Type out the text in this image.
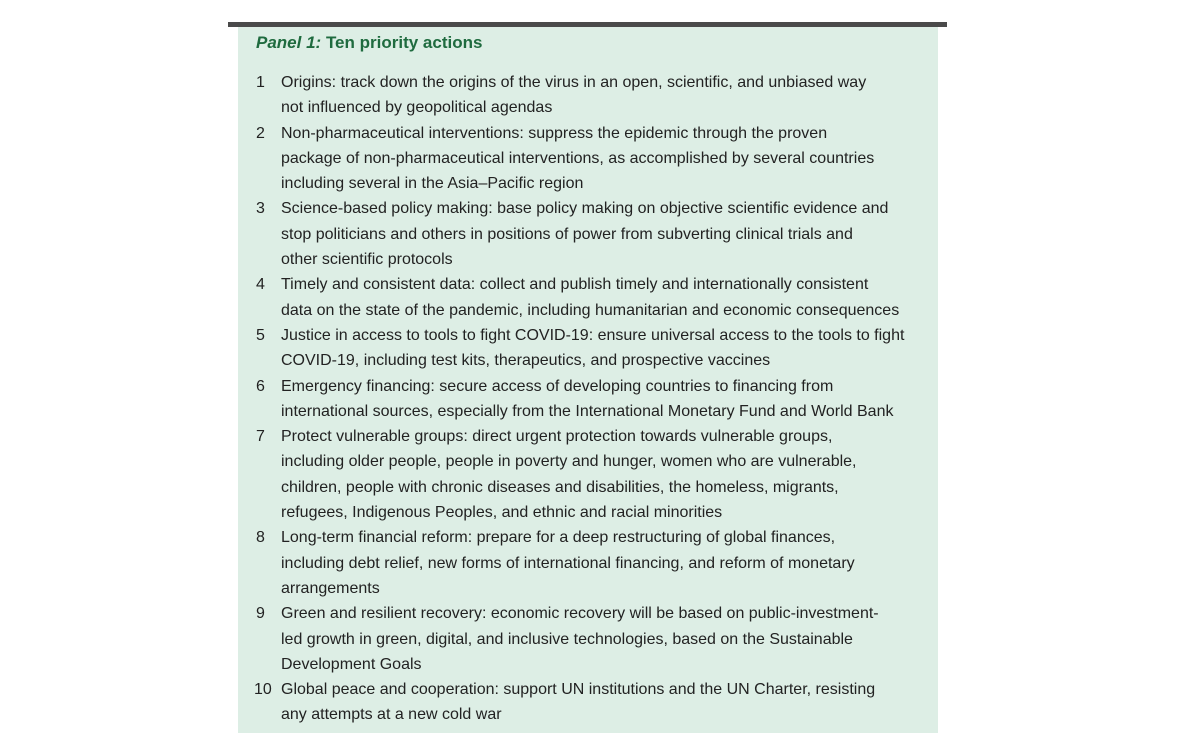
Panel 1: Ten priority actions
1	Origins: track down the origins of the virus in an open, scientific, and unbiased way
not influenced by geopolitical agendas
2	Non-pharmaceutical interventions: suppress the epidemic through the proven
package of non-pharmaceutical interventions, as accomplished by several countries
including several in the Asia–Pacific region
3	Science-based policy making: base policy making on objective scientific evidence and
stop politicians and others in positions of power from subverting clinical trials and
other scientific protocols
4	Timely and consistent data: collect and publish timely and internationally consistent
data on the state of the pandemic, including humanitarian and economic consequences
5	Justice in access to tools to fight COVID-19: ensure universal access to the tools to fight
COVID-19, including test kits, therapeutics, and prospective vaccines
6	Emergency financing: secure access of developing countries to financing from
international sources, especially from the International Monetary Fund and World Bank
7	Protect vulnerable groups: direct urgent protection towards vulnerable groups,
including older people, people in poverty and hunger, women who are vulnerable,
children, people with chronic diseases and disabilities, the homeless, migrants,
refugees, Indigenous Peoples, and ethnic and racial minorities
8	Long-term financial reform: prepare for a deep restructuring of global finances,
including debt relief, new forms of international financing, and reform of monetary
arrangements
9	Green and resilient recovery: economic recovery will be based on public-investment-
led growth in green, digital, and inclusive technologies, based on the Sustainable
Development Goals
10 Global peace and cooperation: support UN institutions and the UN Charter, resisting
any attempts at a new cold war
